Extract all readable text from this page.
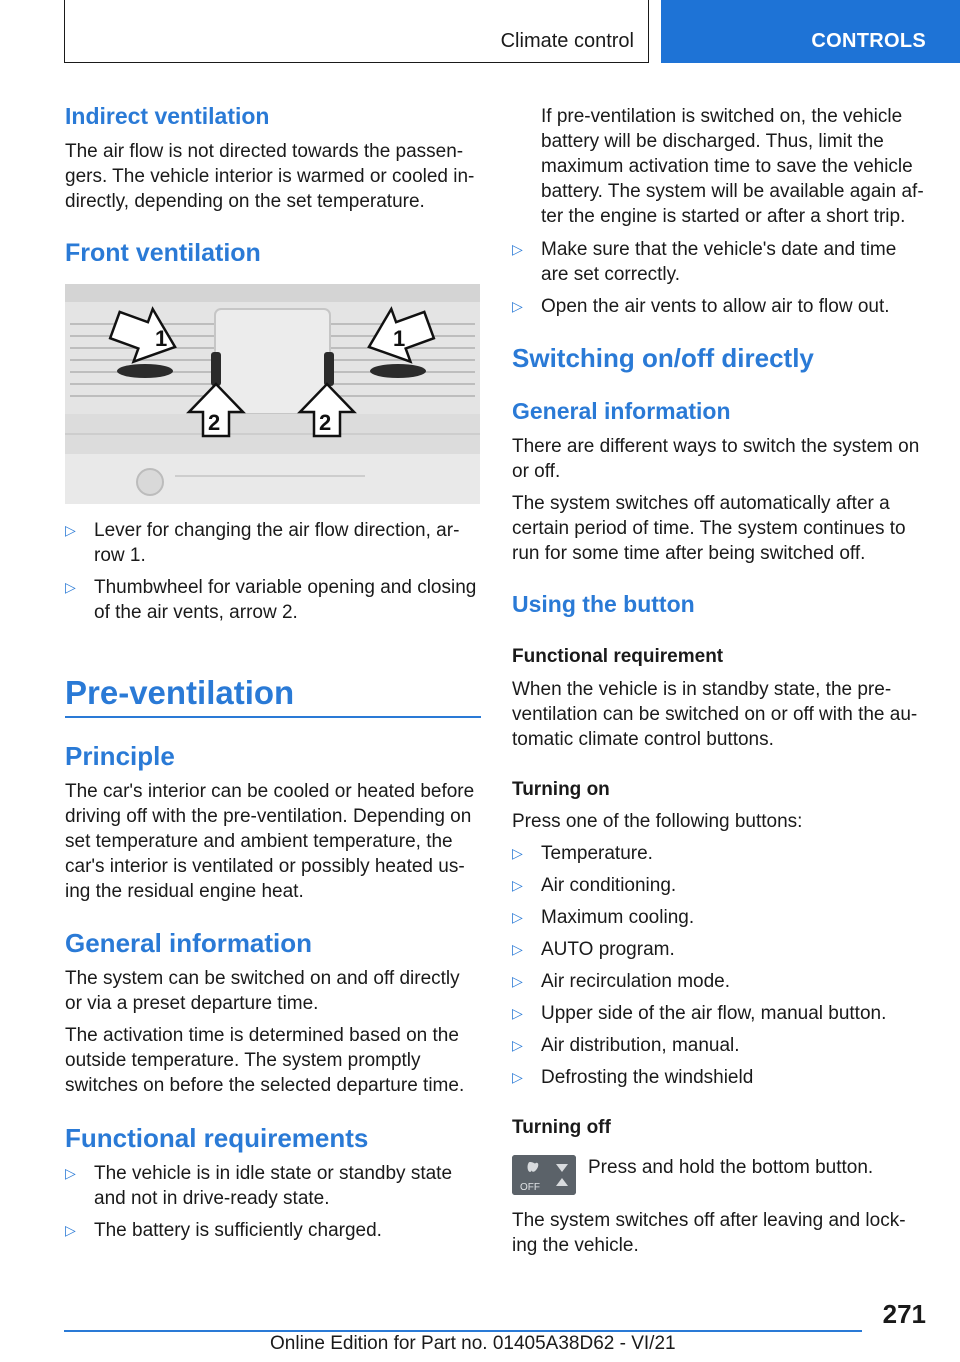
Climate control	CONTROLS

Indirect ventilation

The air flow is not directed towards the passen-

gers. The vehicle interior is warmed or cooled in-

directly, depending on the set temperature.

Front ventilation

1	1
2	2
▷ Lever for changing the air flow direction, ar-
row 1.
▷ Thumbwheel for variable opening and closing
of the air vents, arrow 2.

Pre-ventilation

Principle

The car's interior can be cooled or heated before

driving off with the pre-ventilation. Depending on

set temperature and ambient temperature, the

car's interior is ventilated or possibly heated us-

ing the residual engine heat.

General information

The system can be switched on and off directly

or via a preset departure time.

The activation time is determined based on the

outside temperature. The system promptly

switches on before the selected departure time.

Functional requirements

▷ The vehicle is in idle state or standby state
and not in drive-ready state.
▷ The battery is sufficiently charged.

If pre-ventilation is switched on, the vehicle

battery will be discharged. Thus, limit the

maximum activation time to save the vehicle

battery. The system will be available again af-

ter the engine is started or after a short trip.

▷ Make sure that the vehicle's date and time
are set correctly.
▷ Open the air vents to allow air to flow out.

Switching on/off directly

General information

There are different ways to switch the system on

or off.

The system switches off automatically after a

certain period of time. The system continues to

run for some time after being switched off.

Using the button

Functional requirement

When the vehicle is in standby state, the pre-

ventilation can be switched on or off with the au-

tomatic climate control buttons.

Turning on

Press one of the following buttons:

▷ Temperature.
▷ Air conditioning.
▷ Maximum cooling.
▷ AUTO program.
▷ Air recirculation mode.
▷ Upper side of the air flow, manual button.
▷ Air distribution, manual.
▷ Defrosting the windshield

Turning off

OFF

Press and hold the bottom button.

The system switches off after leaving and lock-

ing the vehicle.

271
Online Edition for Part no. 01405A38D62 - VI/21
